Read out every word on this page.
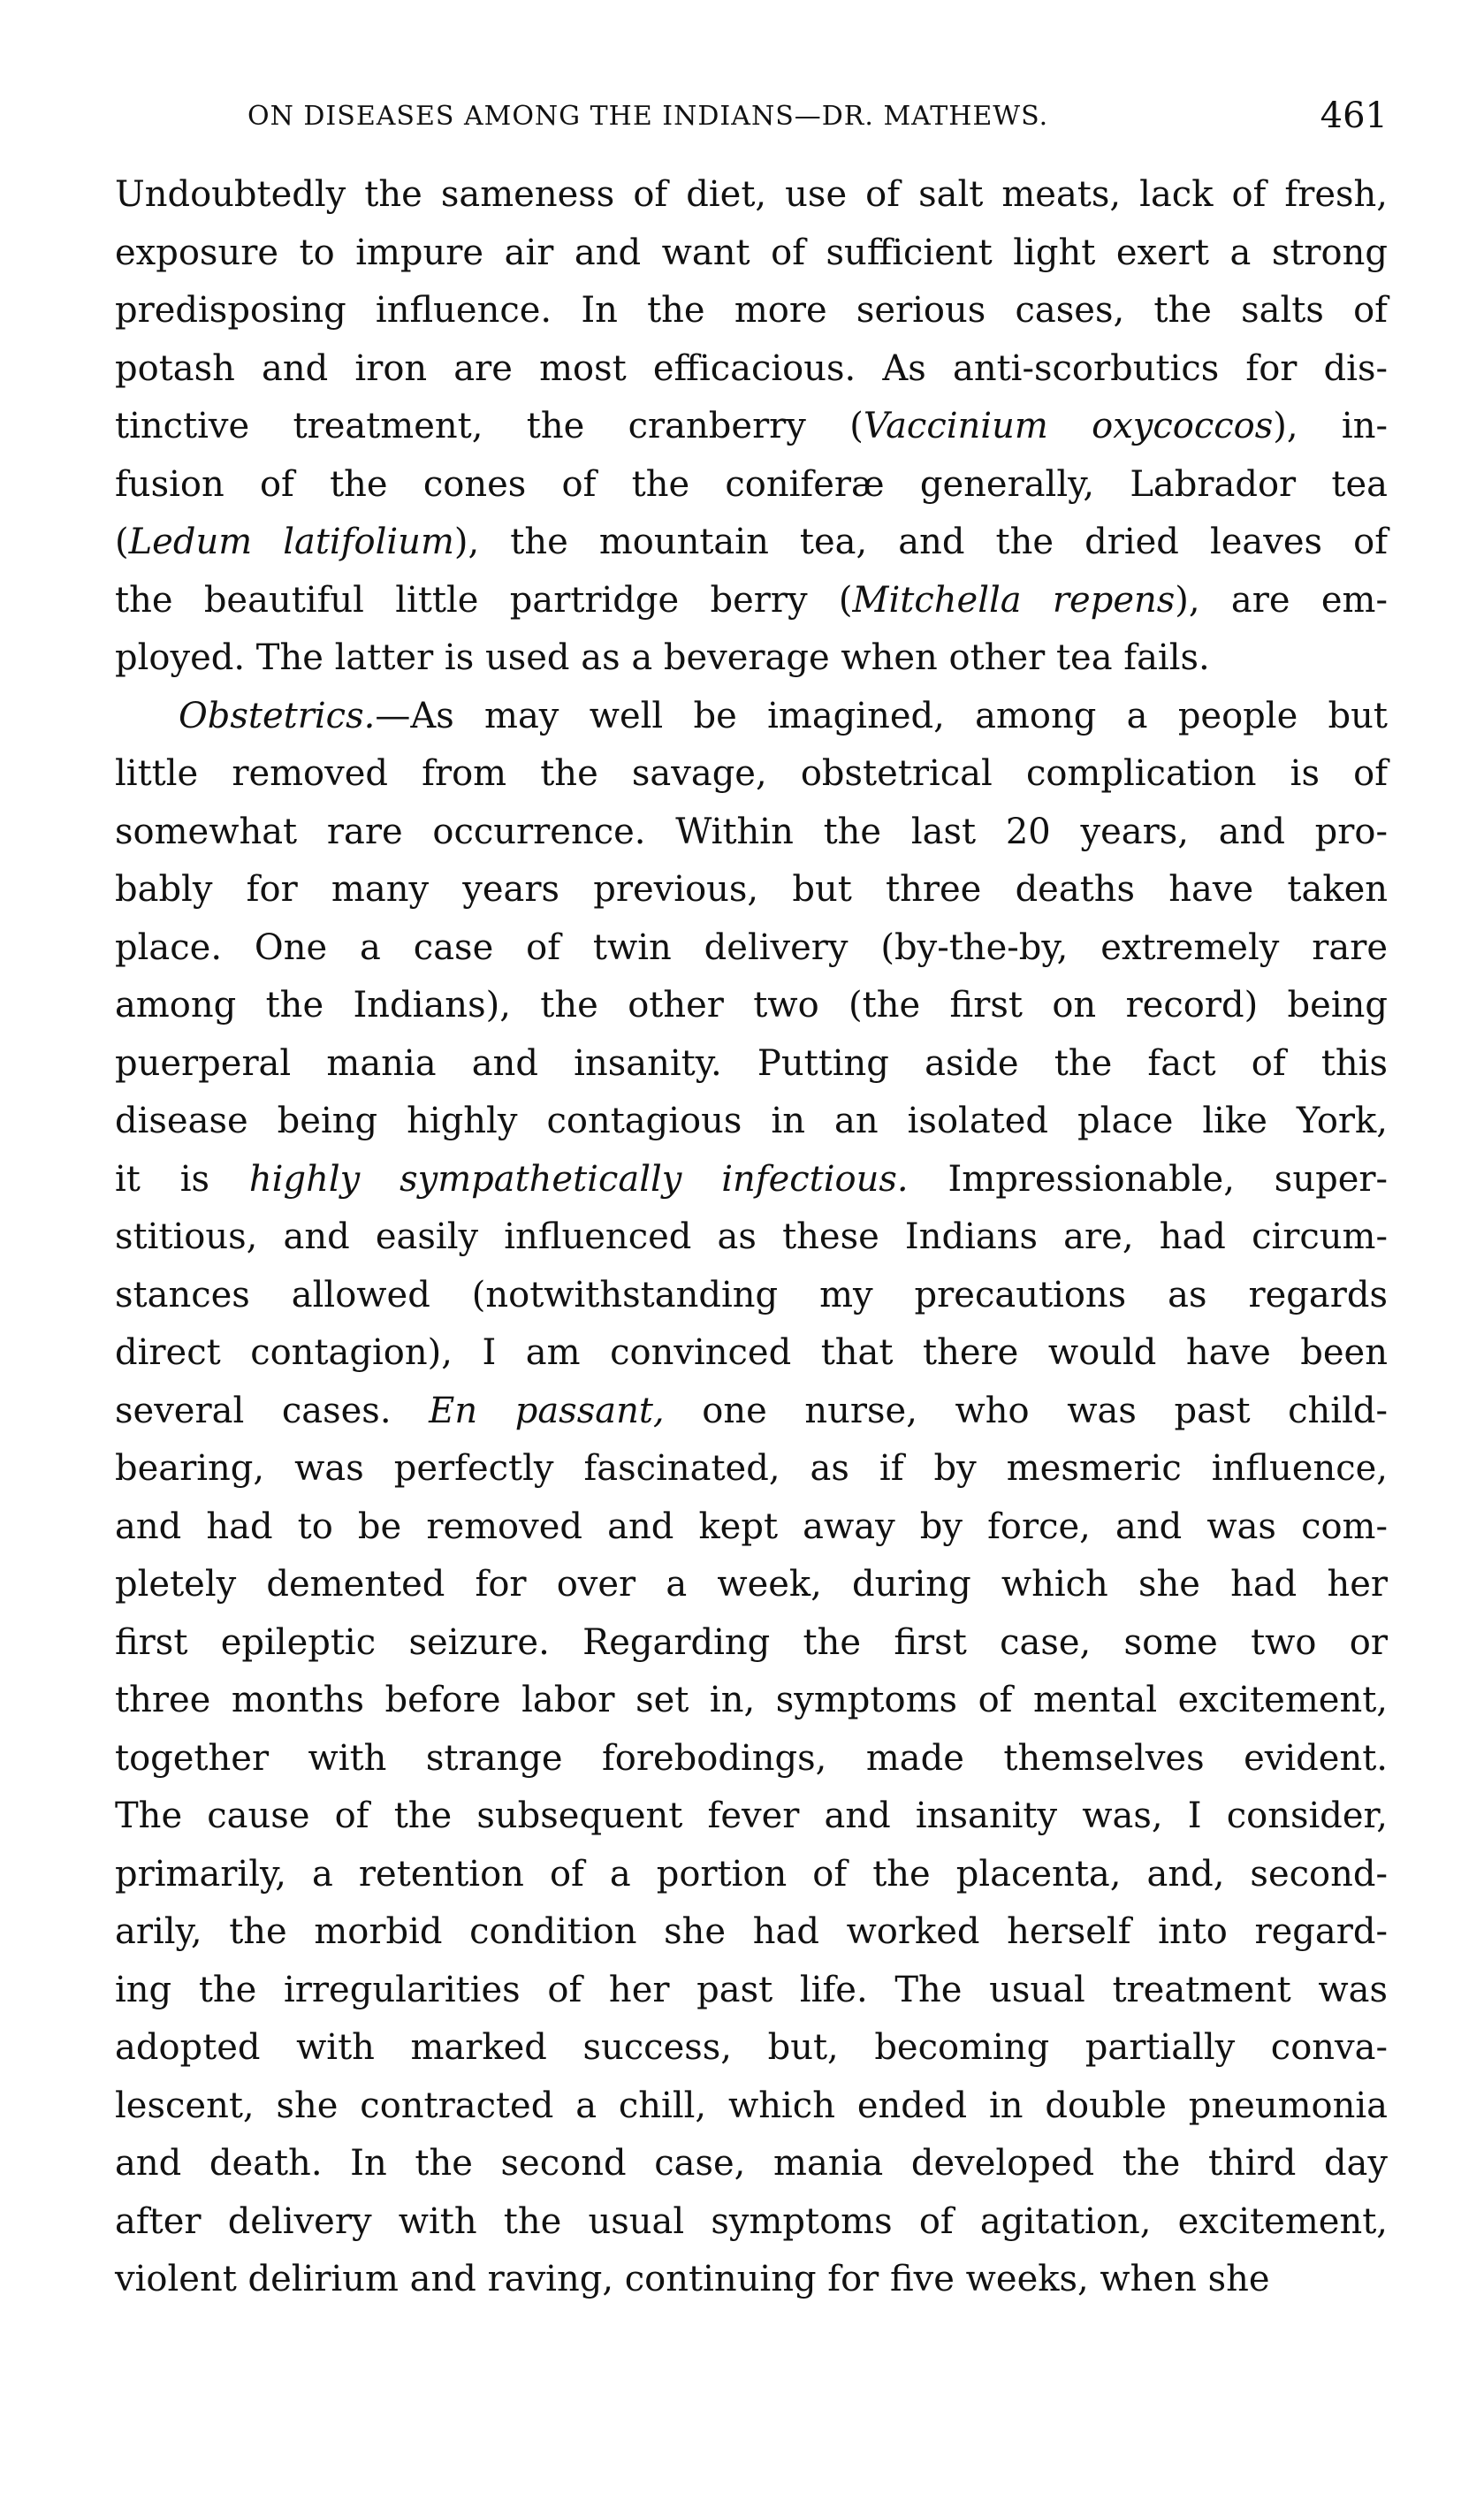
ON DISEASES AMONG THE INDIANS—DR. MATHEWS.	461
Undoubtedly the sameness of diet, use of salt meats, lack of fresh,
exposure to impure air and want of sufficient light exert a strong
predisposing influence. In the more serious cases, the salts of
potash and iron are most efficacious. As anti-scorbutics for dis-
tinctive treatment, the cranberry (Vaccinium oxycoccos), in-
fusion of the cones of the coniferæ generally, Labrador tea
(Ledum latifolium), the mountain tea, and the dried leaves of
the beautiful little partridge berry (Mitchella repens), are em-
ployed. The latter is used as a beverage when other tea fails.
Obstetrics.—As may well be imagined, among a people but
little removed from the savage, obstetrical complication is of
somewhat rare occurrence. Within the last 20 years, and pro-
bably for many years previous, but three deaths have taken
place. One a case of twin delivery (by-the-by, extremely rare
among the Indians), the other two (the first on record) being
puerperal mania and insanity. Putting aside the fact of this
disease being highly contagious in an isolated place like York,
it is highly sympathetically infectious. Impressionable, super-
stitious, and easily influenced as these Indians are, had circum-
stances allowed (notwithstanding my precautions as regards
direct contagion), I am convinced that there would have been
several cases. En passant, one nurse, who was past child-
bearing, was perfectly fascinated, as if by mesmeric influence,
and had to be removed and kept away by force, and was com-
pletely demented for over a week, during which she had her
first epileptic seizure. Regarding the first case, some two or
three months before labor set in, symptoms of mental excitement,
together with strange forebodings, made themselves evident.
The cause of the subsequent fever and insanity was, I consider,
primarily, a retention of a portion of the placenta, and, second-
arily, the morbid condition she had worked herself into regard-
ing the irregularities of her past life. The usual treatment was
adopted with marked success, but, becoming partially conva-
lescent, she contracted a chill, which ended in double pneumonia
and death. In the second case, mania developed the third day
after delivery with the usual symptoms of agitation, excitement,
violent delirium and raving, continuing for five weeks, when she
